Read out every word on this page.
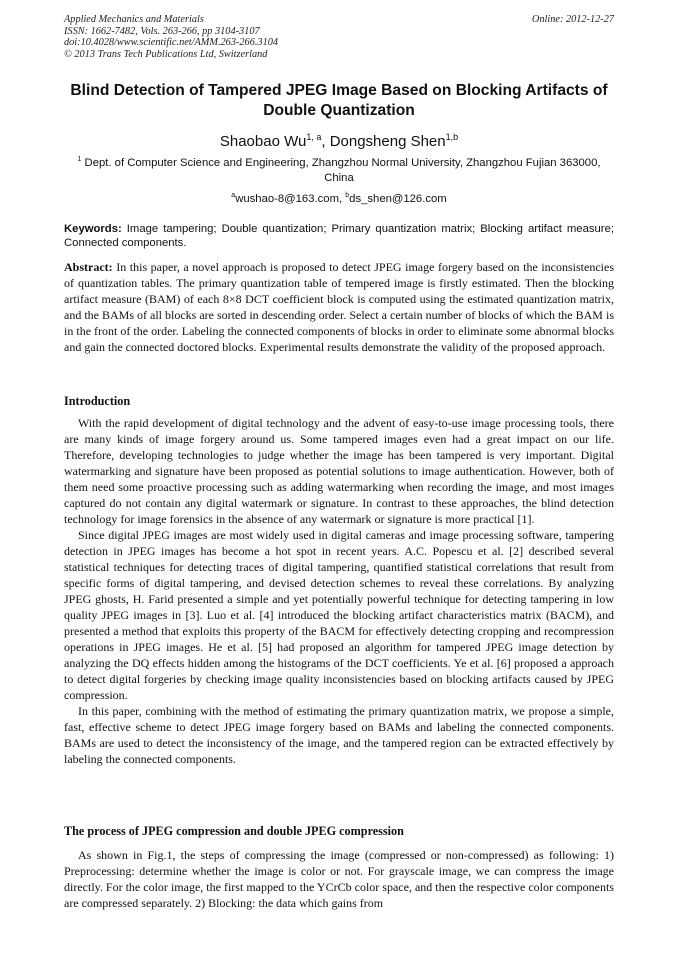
Applied Mechanics and Materials
ISSN: 1662-7482, Vols. 263-266, pp 3104-3107
doi:10.4028/www.scientific.net/AMM.263-266.3104
© 2013 Trans Tech Publications Ltd, Switzerland
Online: 2012-12-27
Blind Detection of Tampered JPEG Image Based on Blocking Artifacts of Double Quantization
Shaobao Wu$^{1, a}$, Dongsheng Shen$^{1,b}$
$^1$ Dept. of Computer Science and Engineering, Zhangzhou Normal University, Zhangzhou Fujian 363000, China
$^a$wushao-8@163.com, $^b$ds_shen@126.com
Keywords: Image tampering; Double quantization; Primary quantization matrix; Blocking artifact measure; Connected components.
Abstract: In this paper, a novel approach is proposed to detect JPEG image forgery based on the inconsistencies of quantization tables. The primary quantization table of tempered image is firstly estimated. Then the blocking artifact measure (BAM) of each 8×8 DCT coefficient block is computed using the estimated quantization matrix, and the BAMs of all blocks are sorted in descending order. Select a certain number of blocks of which the BAM is in the front of the order. Labeling the connected components of blocks in order to eliminate some abnormal blocks and gain the connected doctored blocks. Experimental results demonstrate the validity of the proposed approach.
Introduction

With the rapid development of digital technology and the advent of easy-to-use image processing tools, there are many kinds of image forgery around us. Some tampered images even had a great impact on our life. Therefore, developing technologies to judge whether the image has been tampered is very important. Digital watermarking and signature have been proposed as potential solutions to image authentication. However, both of them need some proactive processing such as adding watermarking when recording the image, and most images captured do not contain any digital watermark or signature. In contrast to these approaches, the blind detection technology for image forensics in the absence of any watermark or signature is more practical [1].

Since digital JPEG images are most widely used in digital cameras and image processing software, tampering detection in JPEG images has become a hot spot in recent years. A.C. Popescu et al. [2] described several statistical techniques for detecting traces of digital tampering, quantified statistical correlations that result from specific forms of digital tampering, and devised detection schemes to reveal these correlations. By analyzing JPEG ghosts, H. Farid presented a simple and yet potentially powerful technique for detecting tampering in low quality JPEG images in [3]. Luo et al. [4] introduced the blocking artifact characteristics matrix (BACM), and presented a method that exploits this property of the BACM for effectively detecting cropping and recompression operations in JPEG images. He et al. [5] had proposed an algorithm for tampered JPEG image detection by analyzing the DQ effects hidden among the histograms of the DCT coefficients. Ye et al. [6] proposed a approach to detect digital forgeries by checking image quality inconsistencies based on blocking artifacts caused by JPEG compression.

In this paper, combining with the method of estimating the primary quantization matrix, we propose a simple, fast, effective scheme to detect JPEG image forgery based on BAMs and labeling the connected components. BAMs are used to detect the inconsistency of the image, and the tampered region can be extracted effectively by labeling the connected components.

The process of JPEG compression and double JPEG compression

As shown in Fig.1, the steps of compressing the image (compressed or non-compressed) as following: 1) Preprocessing: determine whether the image is color or not. For grayscale image, we can compress the image directly. For the color image, the first mapped to the YCrCb color space, and then the respective color components are compressed separately. 2) Blocking: the data which gains from
